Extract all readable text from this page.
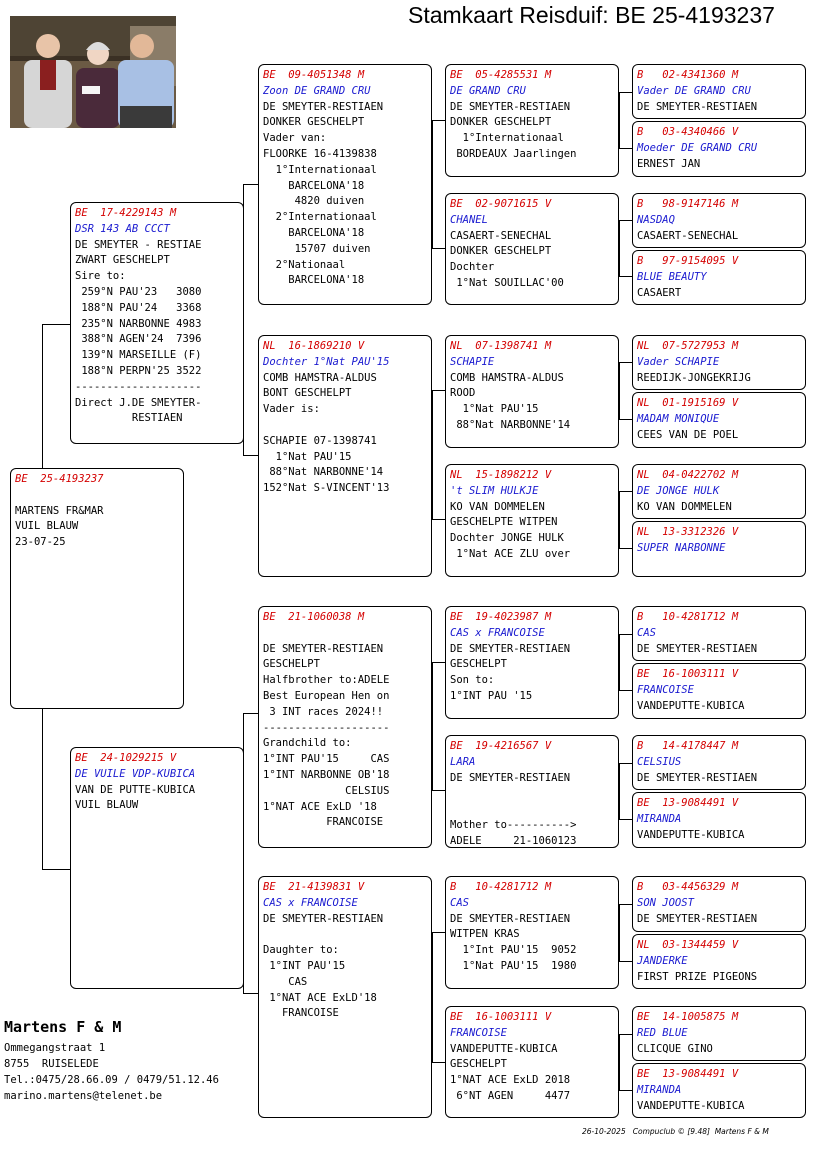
Stamkaart Reisduif: BE 25-4193237
BE  25-4193237
MARTENS FR&MAR
VUIL BLAUW
23-07-25
BE  17-4229143 M
DSR 143 AB CCCT
DE SMEYTER - RESTIAE
ZWART GESCHELPT
Sire to:
259°N PAU'23   3080
188°N PAU'24   3368
235°N NARBONNE 4983
388°N AGEN'24  7396
139°N MARSEILLE (F)
188°N PERPN'25 3522
--------------------
Direct J.DE SMEYTER-
RESTIAEN
BE  24-1029215 V
DE VUILE VDP-KUBICA
VAN DE PUTTE-KUBICA
VUIL BLAUW
BE  09-4051348 M
Zoon DE GRAND CRU
DE SMEYTER-RESTIAEN
DONKER GESCHELPT
Vader van:
FLOORKE 16-4139838
1°Internationaal
BARCELONA'18
4820 duiven
2°Internationaal
BARCELONA'18
15707 duiven
2°Nationaal
BARCELONA'18
NL  16-1869210 V
Dochter 1°Nat PAU'15
COMB HAMSTRA-ALDUS
BONT GESCHELPT
Vader is:
SCHAPIE 07-1398741
1°Nat PAU'15
88°Nat NARBONNE'14
152°Nat S-VINCENT'13
BE  21-1060038 M
DE SMEYTER-RESTIAEN
GESCHELPT
Halfbrother to:ADELE
Best European Hen on
3 INT races 2024!!
--------------------
Grandchild to:
1°INT PAU'15     CAS
1°INT NARBONNE OB'18
CELSIUS
1°NAT ACE ExLD '18
FRANCOISE
BE  21-4139831 V
CAS x FRANCOISE
DE SMEYTER-RESTIAEN
Daughter to:
1°INT PAU'15
CAS
1°NAT ACE ExLD'18
FRANCOISE
BE  05-4285531 M
DE GRAND CRU
DE SMEYTER-RESTIAEN
DONKER GESCHELPT
1°Internationaal
BORDEAUX Jaarlingen
BE  02-9071615 V
CHANEL
CASAERT-SENECHAL
DONKER GESCHELPT
Dochter
1°Nat SOUILLAC'00
NL  07-1398741 M
SCHAPIE
COMB HAMSTRA-ALDUS
ROOD
1°Nat PAU'15
88°Nat NARBONNE'14
NL  15-1898212 V
't SLIM HULKJE
KO VAN DOMMELEN
GESCHELPTE WITPEN
Dochter JONGE HULK
1°Nat ACE ZLU over
BE  19-4023987 M
CAS x FRANCOISE
DE SMEYTER-RESTIAEN
GESCHELPT
Son to:
1°INT PAU '15
BE  19-4216567 V
LARA
DE SMEYTER-RESTIAEN
Mother to---------->
ADELE     21-1060123
B   10-4281712 M
CAS
DE SMEYTER-RESTIAEN
WITPEN KRAS
1°Int PAU'15  9052
1°Nat PAU'15  1980
BE  16-1003111 V
FRANCOISE
VANDEPUTTE-KUBICA
GESCHELPT
1°NAT ACE ExLD 2018
6°NT AGEN     4477
B   02-4341360 M
Vader DE GRAND CRU
DE SMEYTER-RESTIAEN
B   03-4340466 V
Moeder DE GRAND CRU
ERNEST JAN
B   98-9147146 M
NASDAQ
CASAERT-SENECHAL
B   97-9154095 V
BLUE BEAUTY
CASAERT
NL  07-5727953 M
Vader SCHAPIE
REEDIJK-JONGEKRIJG
NL  01-1915169 V
MADAM MONIQUE
CEES VAN DE POEL
NL  04-0422702 M
DE JONGE HULK
KO VAN DOMMELEN
NL  13-3312326 V
SUPER NARBONNE
B   10-4281712 M
CAS
DE SMEYTER-RESTIAEN
BE  16-1003111 V
FRANCOISE
VANDEPUTTE-KUBICA
B   14-4178447 M
CELSIUS
DE SMEYTER-RESTIAEN
BE  13-9084491 V
MIRANDA
VANDEPUTTE-KUBICA
B   03-4456329 M
SON JOOST
DE SMEYTER-RESTIAEN
NL  03-1344459 V
JANDERKE
FIRST PRIZE PIGEONS
BE  14-1005875 M
RED BLUE
CLICQUE GINO
BE  13-9084491 V
MIRANDA
VANDEPUTTE-KUBICA
Martens F & M
Ommegangstraat 1
8755  RUISELEDE
Tel.:0475/28.66.09 / 0479/51.12.46
marino.martens@telenet.be
26-10-2025   Compuclub © [9.48]  Martens F & M
